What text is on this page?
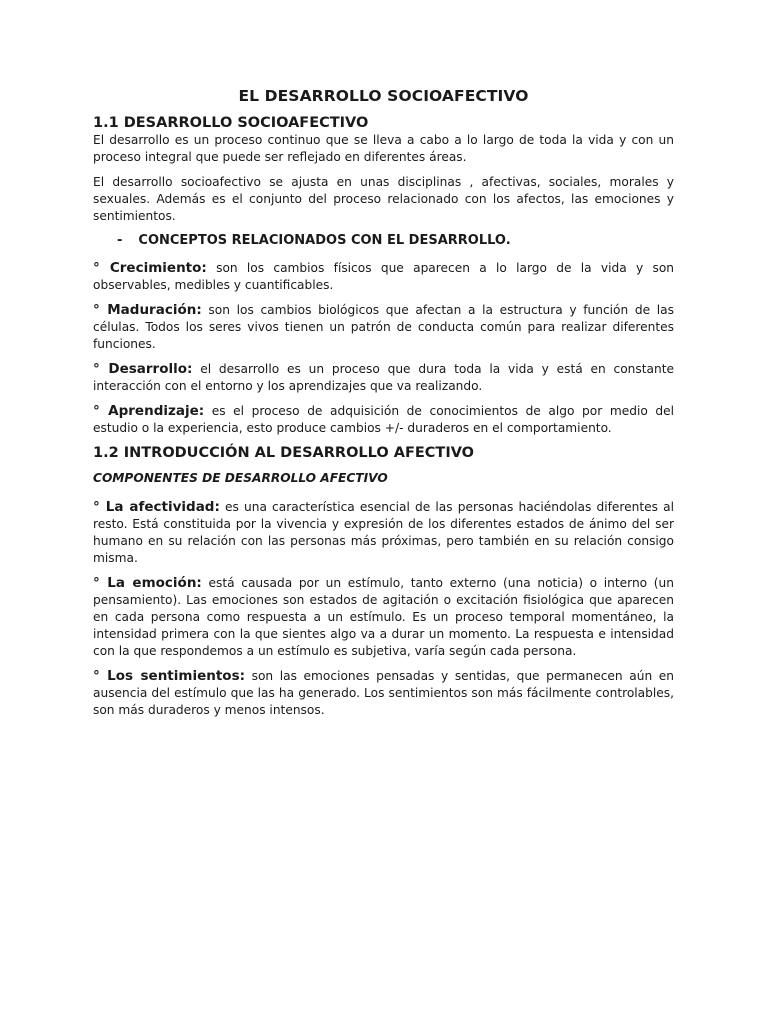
EL DESARROLLO SOCIOAFECTIVO
1.1 DESARROLLO SOCIOAFECTIVO

El desarrollo es un proceso continuo que se lleva a cabo a lo largo de toda la vida y con un proceso integral que puede ser reflejado en diferentes áreas.

El desarrollo socioafectivo se ajusta en unas disciplinas , afectivas, sociales, morales y sexuales. Además es el conjunto del proceso relacionado con los afectos, las emociones y sentimientos.

- CONCEPTOS RELACIONADOS CON EL DESARROLLO.

° Crecimiento: son los cambios físicos que aparecen a lo largo de la vida y son observables, medibles y cuantificables.

° Maduración: son los cambios biológicos que afectan a la estructura y función de las células. Todos los seres vivos tienen un patrón de conducta común para realizar diferentes funciones.

° Desarrollo: el desarrollo es un proceso que dura toda la vida y está en constante interacción con el entorno y los aprendizajes que va realizando.

° Aprendizaje: es el proceso de adquisición de conocimientos de algo por medio del estudio o la experiencia, esto produce cambios +/- duraderos en el comportamiento.

1.2 INTRODUCCIÓN AL DESARROLLO AFECTIVO
COMPONENTES DE DESARROLLO AFECTIVO

° La afectividad: es una característica esencial de las personas haciéndolas diferentes al resto. Está constituida por la vivencia y expresión de los diferentes estados de ánimo del ser humano en su relación con las personas más próximas, pero también en su relación consigo misma.

° La emoción: está causada por un estímulo, tanto externo (una noticia) o interno (un pensamiento). Las emociones son estados de agitación o excitación fisiológica que aparecen en cada persona como respuesta a un estímulo. Es un proceso temporal momentáneo, la intensidad primera con la que sientes algo va a durar un momento. La respuesta e intensidad con la que respondemos a un estímulo es subjetiva, varía según cada persona.

° Los sentimientos: son las emociones pensadas y sentidas, que permanecen aún en ausencia del estímulo que las ha generado. Los sentimientos son más fácilmente controlables, son más duraderos y menos intensos.
